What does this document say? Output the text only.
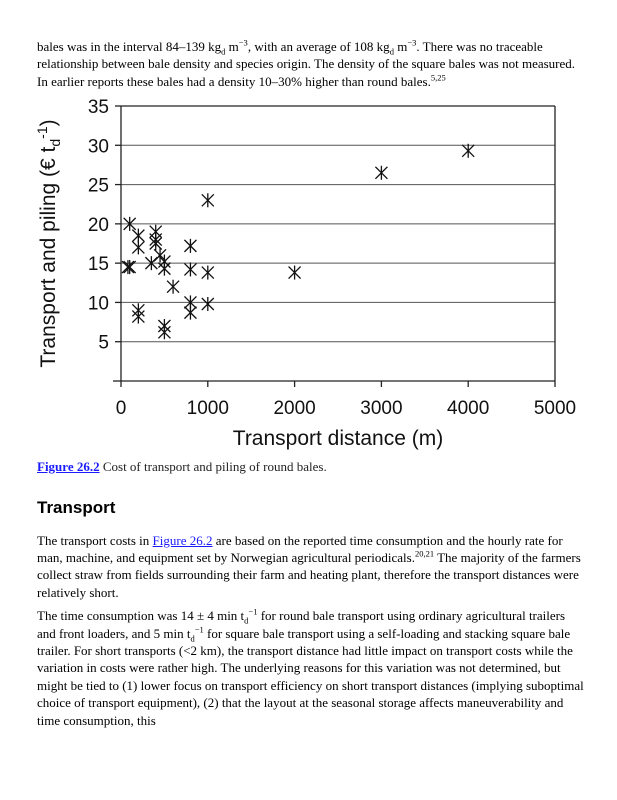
bales was in the interval 84–139 $kg_d$ $m^{-3}$, with an average of 108 $kg_d$ $m^{-3}$. There was no traceable relationship between bale density and species origin. The density of the square bales was not measured. In earlier reports these bales had a density 10–30% higher than round bales.$^{5,25}$

5
10
15
20
25
30
35
0	1000 2000 3000 4000 5000
Transport distance (m)
Transport and piling (€ $t_d^{-1}$)

Figure 26.2 Cost of transport and piling of round bales.

Transport

The transport costs in Figure 26.2 are based on the reported time consumption and the hourly rate for man, machine, and equipment set by Norwegian agricultural periodicals.$^{20,21}$ The majority of the farmers collect straw from fields surrounding their farm and heating plant, therefore the transport distances were relatively short.

The time consumption was 14 ± 4 $\min t_d^{-1}$ for round bale transport using ordinary agricultural trailers and front loaders, and 5 $\min t_d^{-1}$ for square bale transport using a self-loading and stacking square bale trailer. For short transports (<2 km), the transport distance had little impact on transport costs while the variation in costs were rather high. The underlying reasons for this variation was not determined, but might be tied to (1) lower focus on transport efficiency on short transport distances (implying suboptimal choice of transport equipment), (2) that the layout at the seasonal storage affects maneuverability and time consumption, this
